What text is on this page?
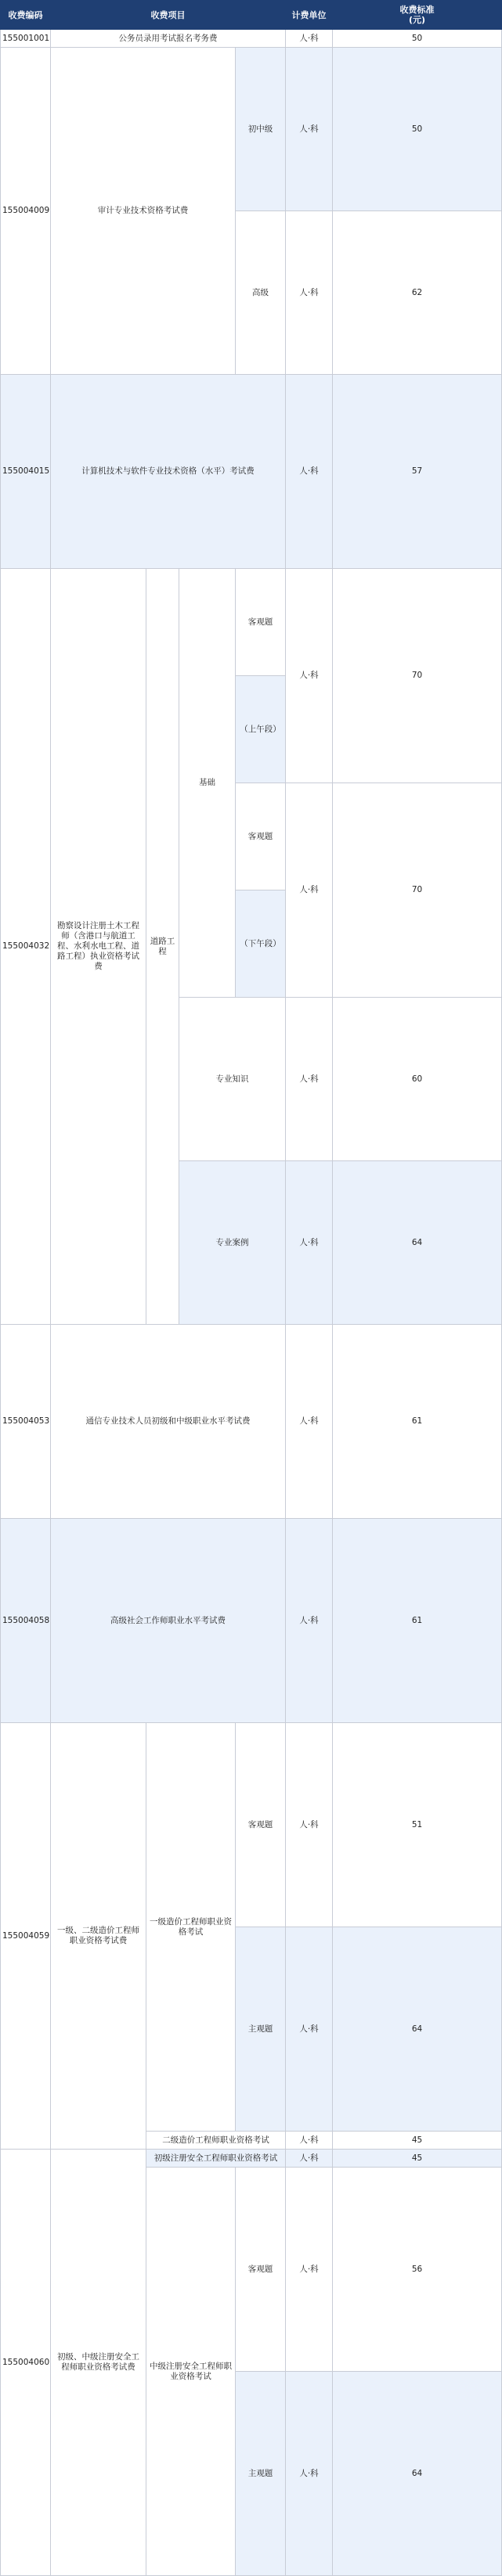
收费编码	收费项目				计费单位	收费标准
(元)	
155001001	公务员录用考试报名考务费				人·科	50	
155004009	审计专业技术资格考试费			初中级	人·科	50	
				高级	人·科	62	
155004015	计算机技术与软件专业技术资格（水平）考试费				人·科	57	
155004032	勘察设计注册土木工程师（含港口与航道工程、水利水电工程、道路工程）执业资格考试费	道路工程	基础	客观题	人·科	70	
				（上午段）			
				客观题	人·科	70	
				（下午段）			
			专业知识		人·科	60	
			专业案例		人·科	64	
155004053	通信专业技术人员初级和中级职业水平考试费				人·科	61	
155004058	高级社会工作师职业水平考试费				人·科	61	
155004059	一级、二级造价工程师职业资格考试费	一级造价工程师职业资格考试		客观题	人·科	51	
				主观题	人·科	64	
		二级造价工程师职业资格考试			人·科	45	
155004060	初级、中级注册安全工程师职业资格考试费	初级注册安全工程师职业资格考试			人·科	45	
		中级注册安全工程师职业资格考试		客观题	人·科	56	
				主观题	人·科	64	
